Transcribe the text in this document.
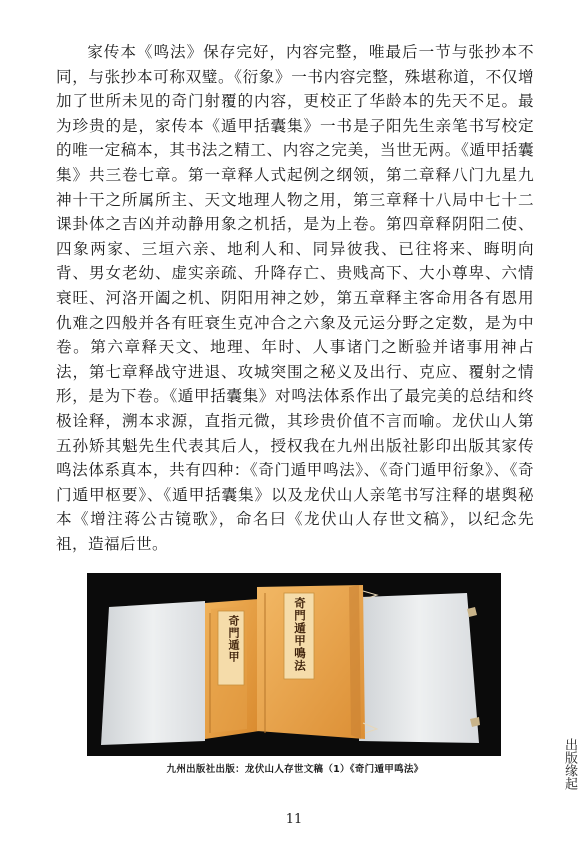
家传本《鸣法》保存完好，内容完整，唯最后一节与张抄本不同，与张抄本可称双璧。《衍象》一书内容完整，殊堪称道，不仅增加了世所未见的奇门射覆的内容，更校正了华龄本的先天不足。最为珍贵的是，家传本《遁甲括囊集》一书是子阳先生亲笔书写校定的唯一定稿本，其书法之精工、内容之完美，当世无两。《遁甲括囊集》共三卷七章。第一章释人式起例之纲领，第二章释八门九星九神十干之所属所主、天文地理人物之用，第三章释十八局中七十二课卦体之吉凶并动静用象之机括，是为上卷。第四章释阴阳二使、四象两家、三垣六亲、地利人和、同异彼我、已往将来、晦明向背、男女老幼、虚实亲疏、升降存亡、贵贱高下、大小尊卑、六情衰旺、河洛开阖之机、阴阳用神之妙，第五章释主客命用各有恩用仇难之四般并各有旺衰生克冲合之六象及元运分野之定数，是为中卷。第六章释天文、地理、年时、人事诸门之断验并诸事用神占法，第七章释战守进退、攻城突围之秘义及出行、克应、覆射之情形，是为下卷。《遁甲括囊集》对鸣法体系作出了最完美的总结和终极诠释，溯本求源，直指元微，其珍贵价值不言而喻。龙伏山人第五孙矫其魁先生代表其后人，授权我在九州出版社影印出版其家传鸣法体系真本，共有四种：《奇门遁甲鸣法》、《奇门遁甲衍象》、《奇门遁甲枢要》、《遁甲括囊集》以及龙伏山人亲笔书写注释的堪舆秘本《增注蒋公古镜歌》，命名曰《龙伏山人存世文稿》，以纪念先祖，造福后世。

奇門遁甲	奇門遁甲鳴法
九州出版社出版：龙伏山人存世文稿（1）《奇门遁甲鸣法》	出版缘起
11
